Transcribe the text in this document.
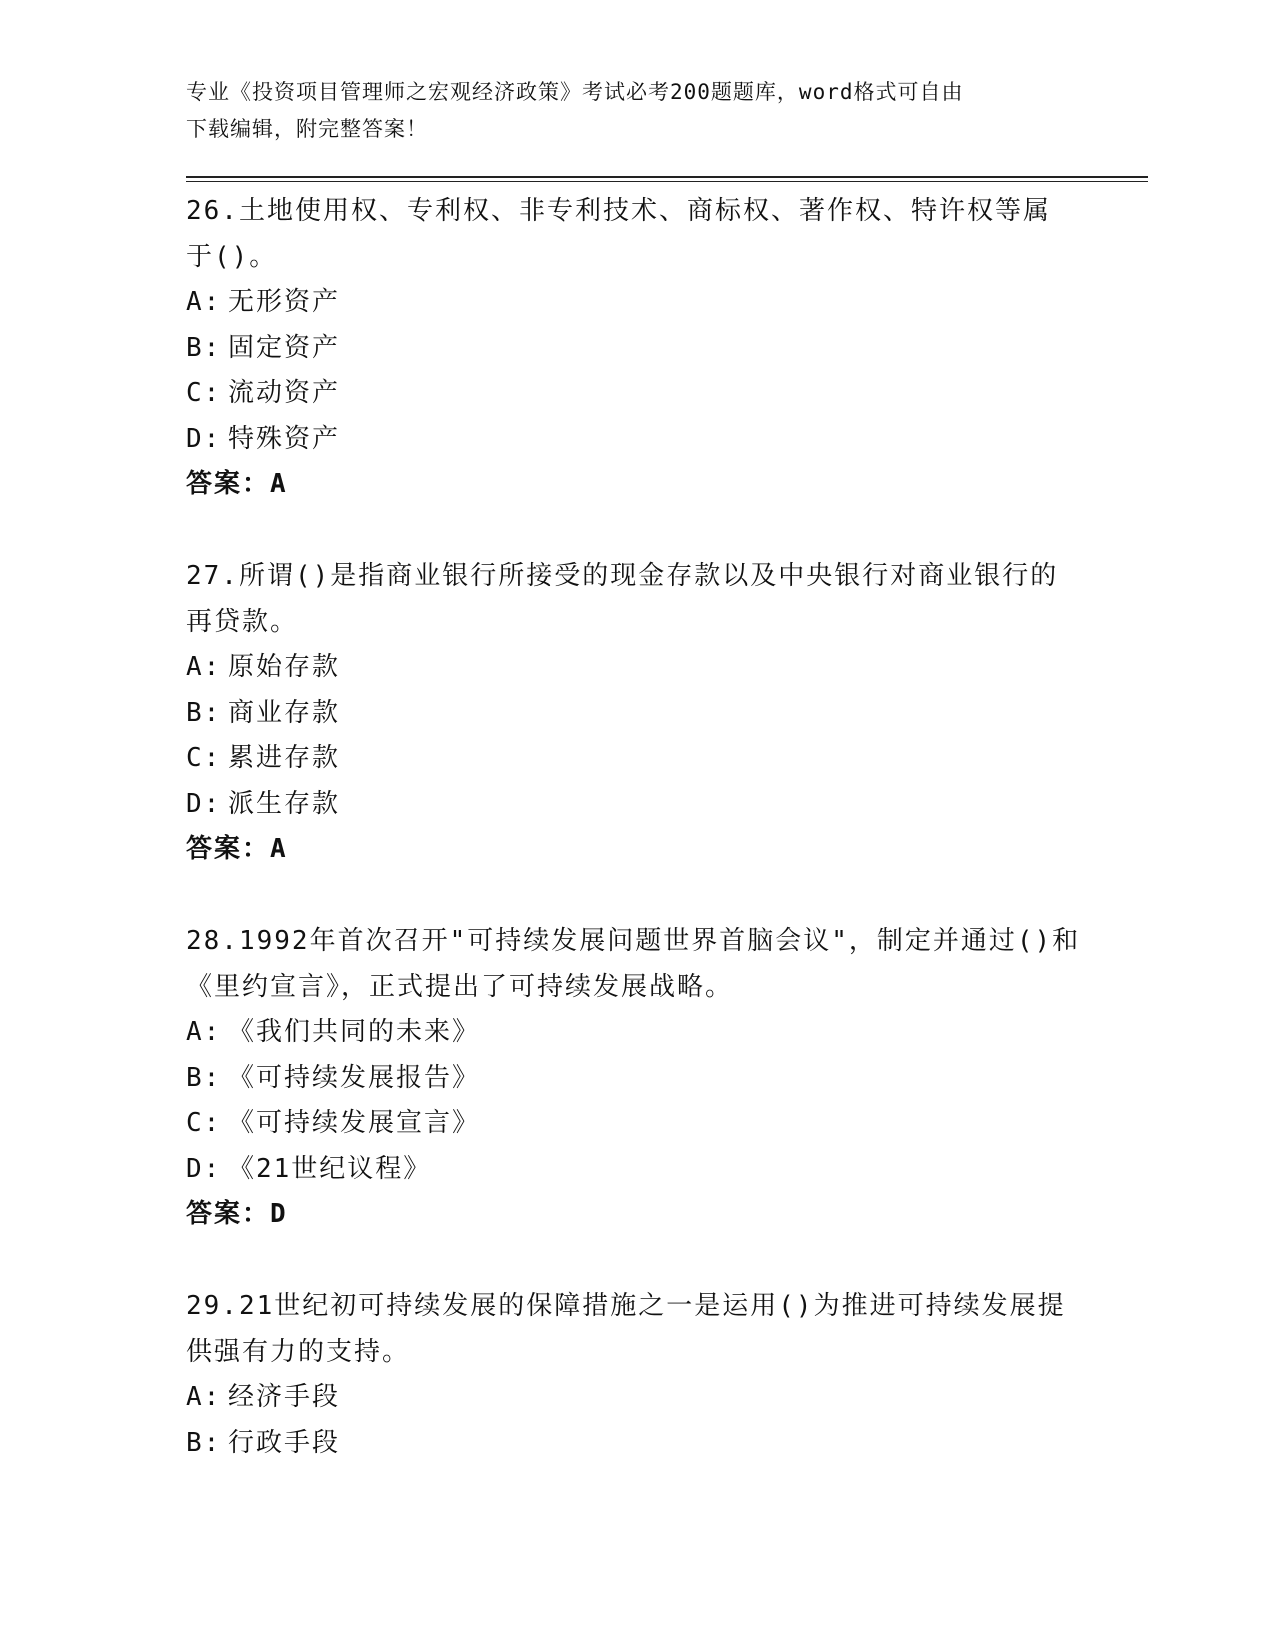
专业《投资项目管理师之宏观经济政策》考试必考200题题库，word格式可自由
下载编辑，附完整答案！

26.土地使用权、专利权、非专利技术、商标权、著作权、特许权等属

于()。

A: 无形资产

B: 固定资产

C: 流动资产

D: 特殊资产

答案：A

27.所谓()是指商业银行所接受的现金存款以及中央银行对商业银行的

再贷款。

A: 原始存款

B: 商业存款

C: 累进存款

D: 派生存款

答案：A

28.1992年首次召开"可持续发展问题世界首脑会议"，制定并通过()和

《里约宣言》，正式提出了可持续发展战略。

A: 《我们共同的未来》

B: 《可持续发展报告》

C: 《可持续发展宣言》

D: 《21世纪议程》

答案：D

29.21世纪初可持续发展的保障措施之一是运用()为推进可持续发展提

供强有力的支持。

A: 经济手段

B: 行政手段
